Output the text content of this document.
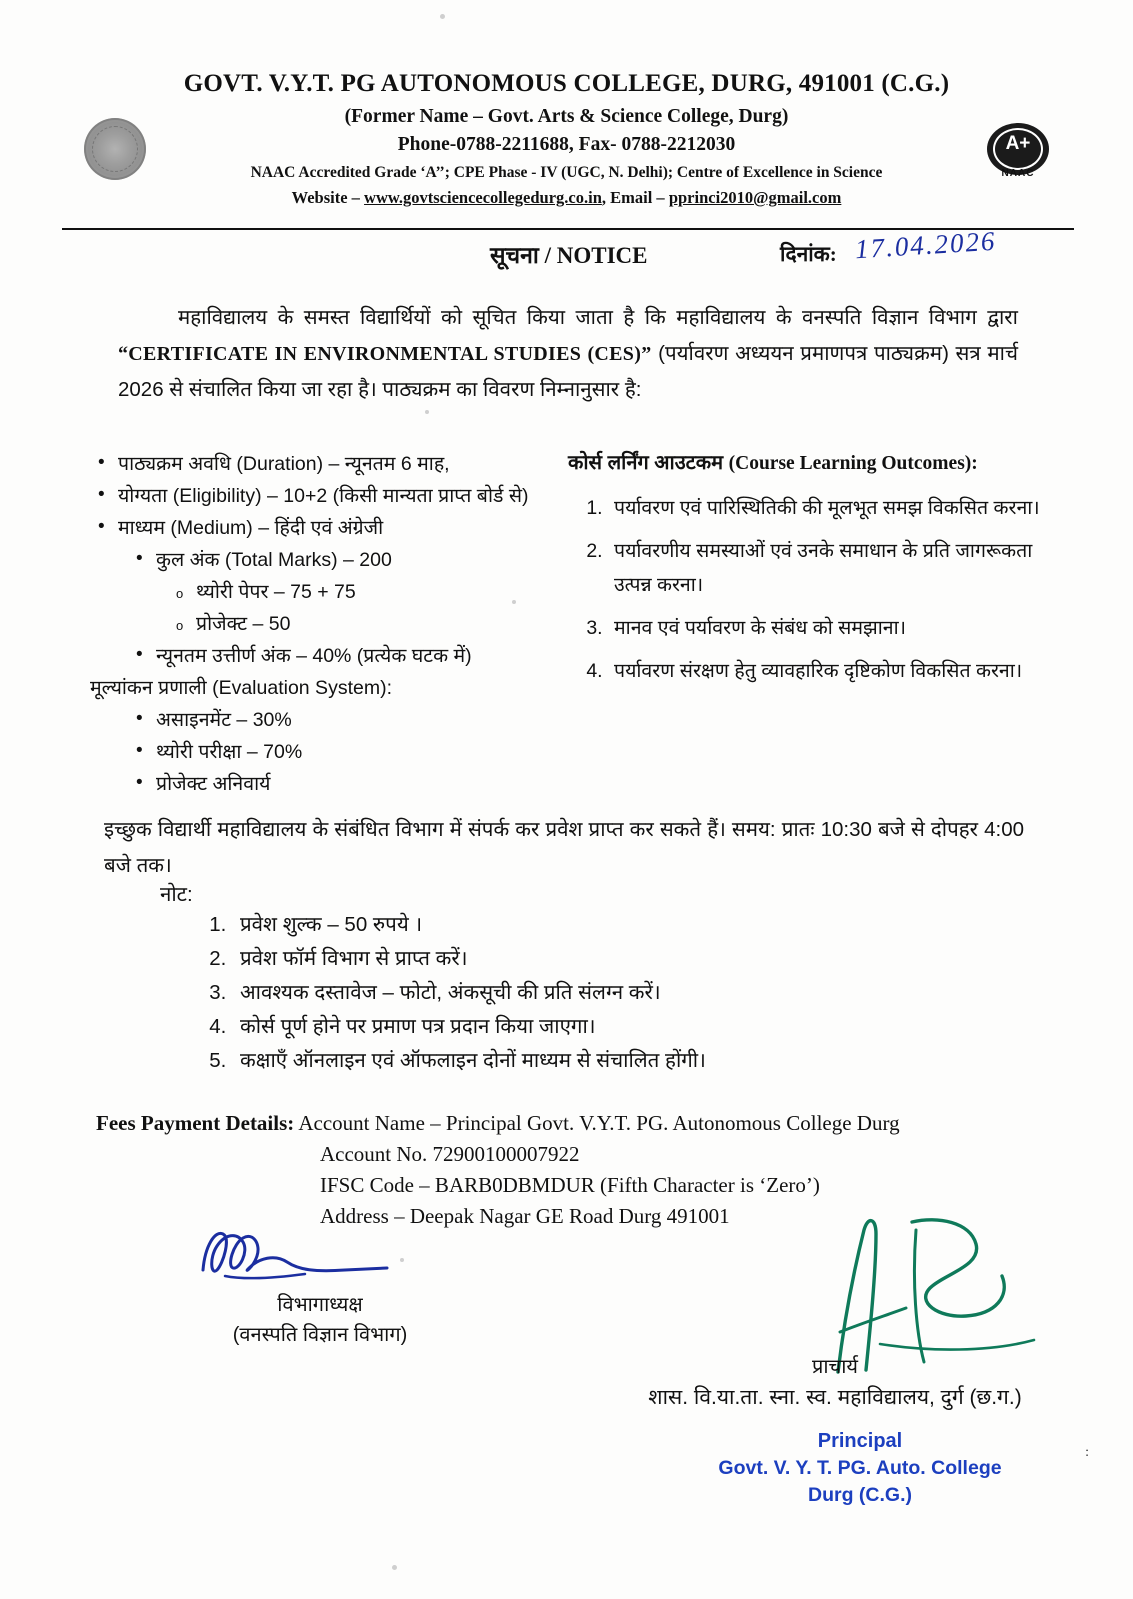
A+
NAAC
GOVT. V.Y.T. PG AUTONOMOUS COLLEGE, DURG, 491001 (C.G.)
(Former Name – Govt. Arts & Science College, Durg)
Phone-0788-2211688, Fax- 0788-2212030
NAAC Accredited Grade ‘A’’; CPE Phase - IV (UGC, N. Delhi); Centre of Excellence in Science
Website – www.govtsciencecollegedurg.co.in, Email – pprinci2010@gmail.com
सूचना / NOTICE	दिनांक: 17.04.2026
महाविद्यालय के समस्त विद्यार्थियों को सूचित किया जाता है कि महाविद्यालय के वनस्पति विज्ञान विभाग द्वारा “CERTIFICATE IN ENVIRONMENTAL STUDIES (CES)” (पर्यावरण अध्ययन प्रमाणपत्र पाठ्यक्रम) सत्र मार्च 2026 से संचालित किया जा रहा है। पाठ्यक्रम का विवरण निम्नानुसार है:
• पाठ्यक्रम अवधि (Duration) – न्यूनतम 6 माह,
• योग्यता (Eligibility) – 10+2 (किसी मान्यता प्राप्त बोर्ड से)
• माध्यम (Medium) – हिंदी एवं अंग्रेजी
• कुल अंक (Total Marks) – 200
o थ्योरी पेपर – 75 + 75
o प्रोजेक्ट – 50
• न्यूनतम उत्तीर्ण अंक – 40% (प्रत्येक घटक में)
मूल्यांकन प्रणाली (Evaluation System):
• असाइनमेंट – 30%
• थ्योरी परीक्षा – 70%
• प्रोजेक्ट अनिवार्य
कोर्स लर्निंग आउटकम (Course Learning Outcomes):
1. पर्यावरण एवं पारिस्थितिकी की मूलभूत समझ विकसित करना।
2. पर्यावरणीय समस्याओं एवं उनके समाधान के प्रति जागरूकता उत्पन्न करना।
3. मानव एवं पर्यावरण के संबंध को समझाना।
4. पर्यावरण संरक्षण हेतु व्यावहारिक दृष्टिकोण विकसित करना।
इच्छुक विद्यार्थी महाविद्यालय के संबंधित विभाग में संपर्क कर प्रवेश प्राप्त कर सकते हैं। समय: प्रातः 10:30 बजे से दोपहर 4:00 बजे तक।
नोट:
1. प्रवेश शुल्क – 50 रुपये ।
2. प्रवेश फॉर्म विभाग से प्राप्त करें।
3. आवश्यक दस्तावेज – फोटो, अंकसूची की प्रति संलग्न करें।
4. कोर्स पूर्ण होने पर प्रमाण पत्र प्रदान किया जाएगा।
5. कक्षाएँ ऑनलाइन एवं ऑफलाइन दोनों माध्यम से संचालित होंगी।
Fees Payment Details: Account Name – Principal Govt. V.Y.T. PG. Autonomous College Durg
Account No. 72900100007922
IFSC Code – BARB0DBMDUR (Fifth Character is ‘Zero’)
Address – Deepak Nagar GE Road Durg 491001
विभागाध्यक्ष
(वनस्पति विज्ञान विभाग)
प्राचार्य
शास. वि.या.ता. स्ना. स्व. महाविद्यालय, दुर्ग (छ.ग.)
Principal
Govt. V. Y. T. PG. Auto. College
Durg (C.G.)
:
